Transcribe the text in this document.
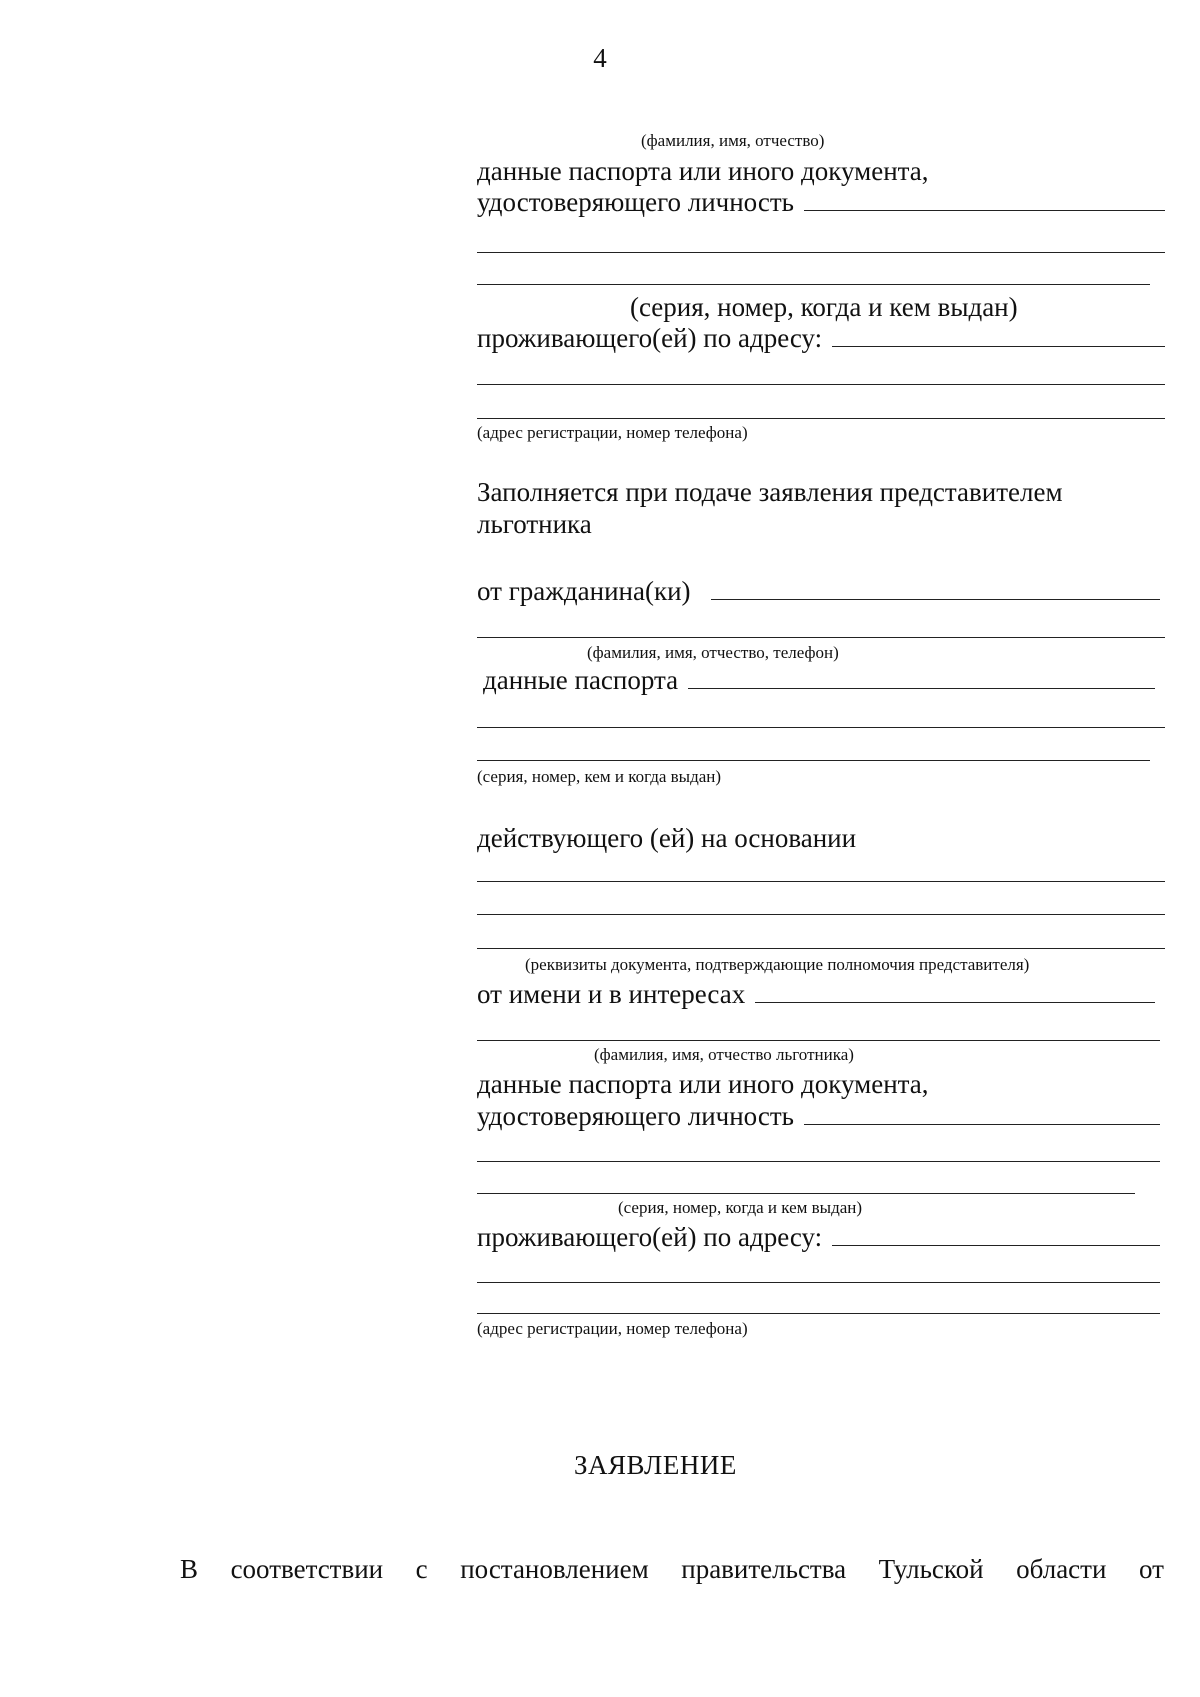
4
(фамилия, имя, отчество)
данные паспорта или иного документа,
удостоверяющего личность
(серия, номер, когда и кем выдан)
проживающего(ей) по адресу:
(адрес регистрации, номер телефона)
Заполняется при подаче заявления представителем
льготника
от гражданина(ки)
(фамилия, имя, отчество, телефон)
данные паспорта
(серия, номер, кем и когда выдан)
действующего (ей) на основании
(реквизиты документа, подтверждающие полномочия представителя)
от имени и в интересах
(фамилия, имя, отчество льготника)
данные паспорта или иного документа,
удостоверяющего личность
(серия, номер, когда и кем выдан)
проживающего(ей) по адресу:
(адрес регистрации, номер телефона)
ЗАЯВЛЕНИЕ
В соответствии с постановлением правительства Тульской области от
